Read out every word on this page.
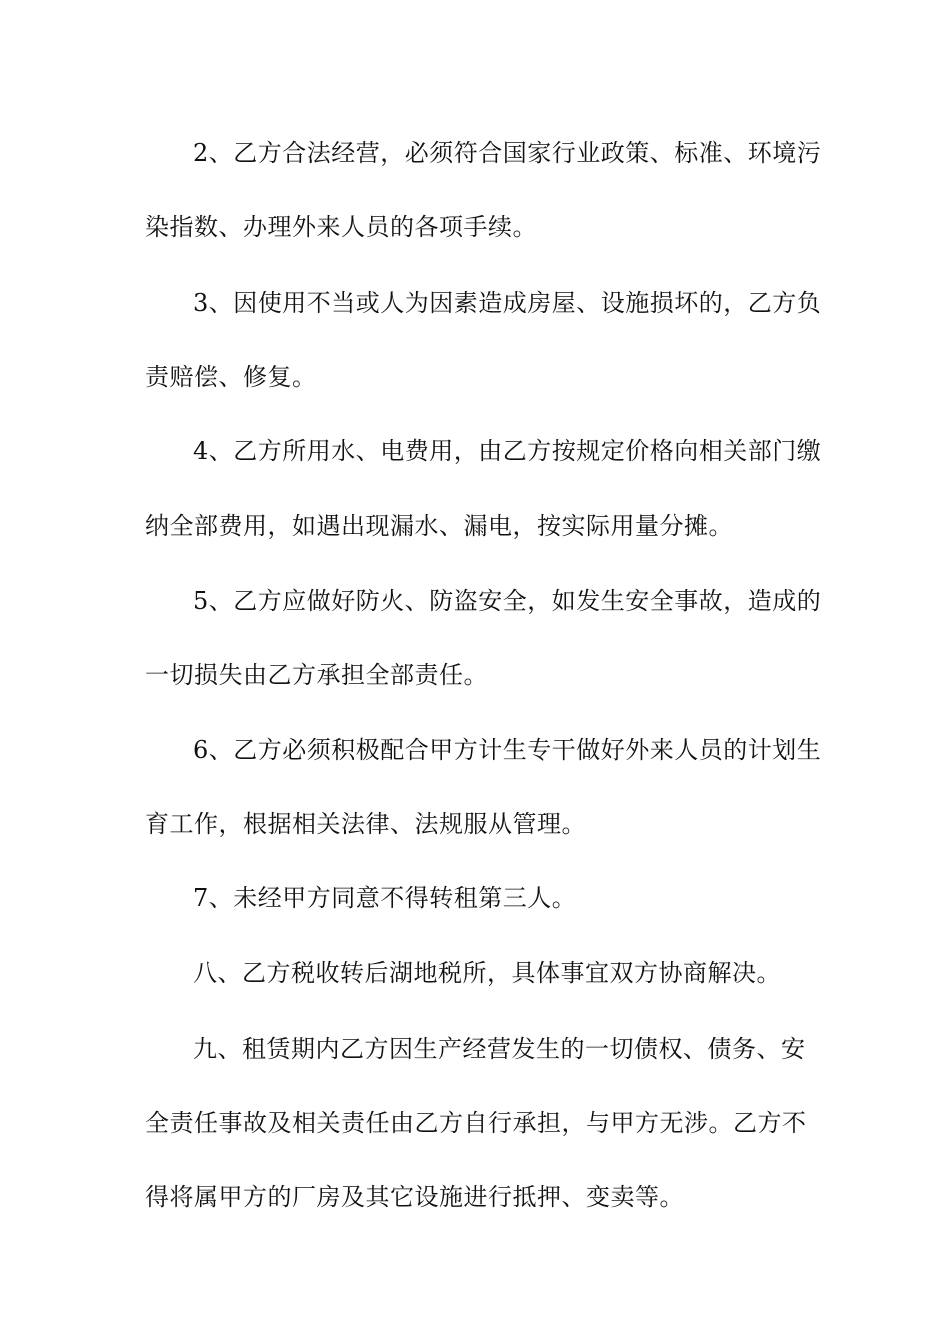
2、乙方合法经营，必须符合国家行业政策、标准、环境污
染指数、办理外来人员的各项手续。
3、因使用不当或人为因素造成房屋、设施损坏的，乙方负
责赔偿、修复。
4、乙方所用水、电费用，由乙方按规定价格向相关部门缴
纳全部费用，如遇出现漏水、漏电，按实际用量分摊。
5、乙方应做好防火、防盗安全，如发生安全事故，造成的
一切损失由乙方承担全部责任。
6、乙方必须积极配合甲方计生专干做好外来人员的计划生
育工作，根据相关法律、法规服从管理。
7、未经甲方同意不得转租第三人。
八、乙方税收转后湖地税所，具体事宜双方协商解决。
九、租赁期内乙方因生产经营发生的一切债权、债务、安
全责任事故及相关责任由乙方自行承担，与甲方无涉。乙方不
得将属甲方的厂房及其它设施进行抵押、变卖等。
